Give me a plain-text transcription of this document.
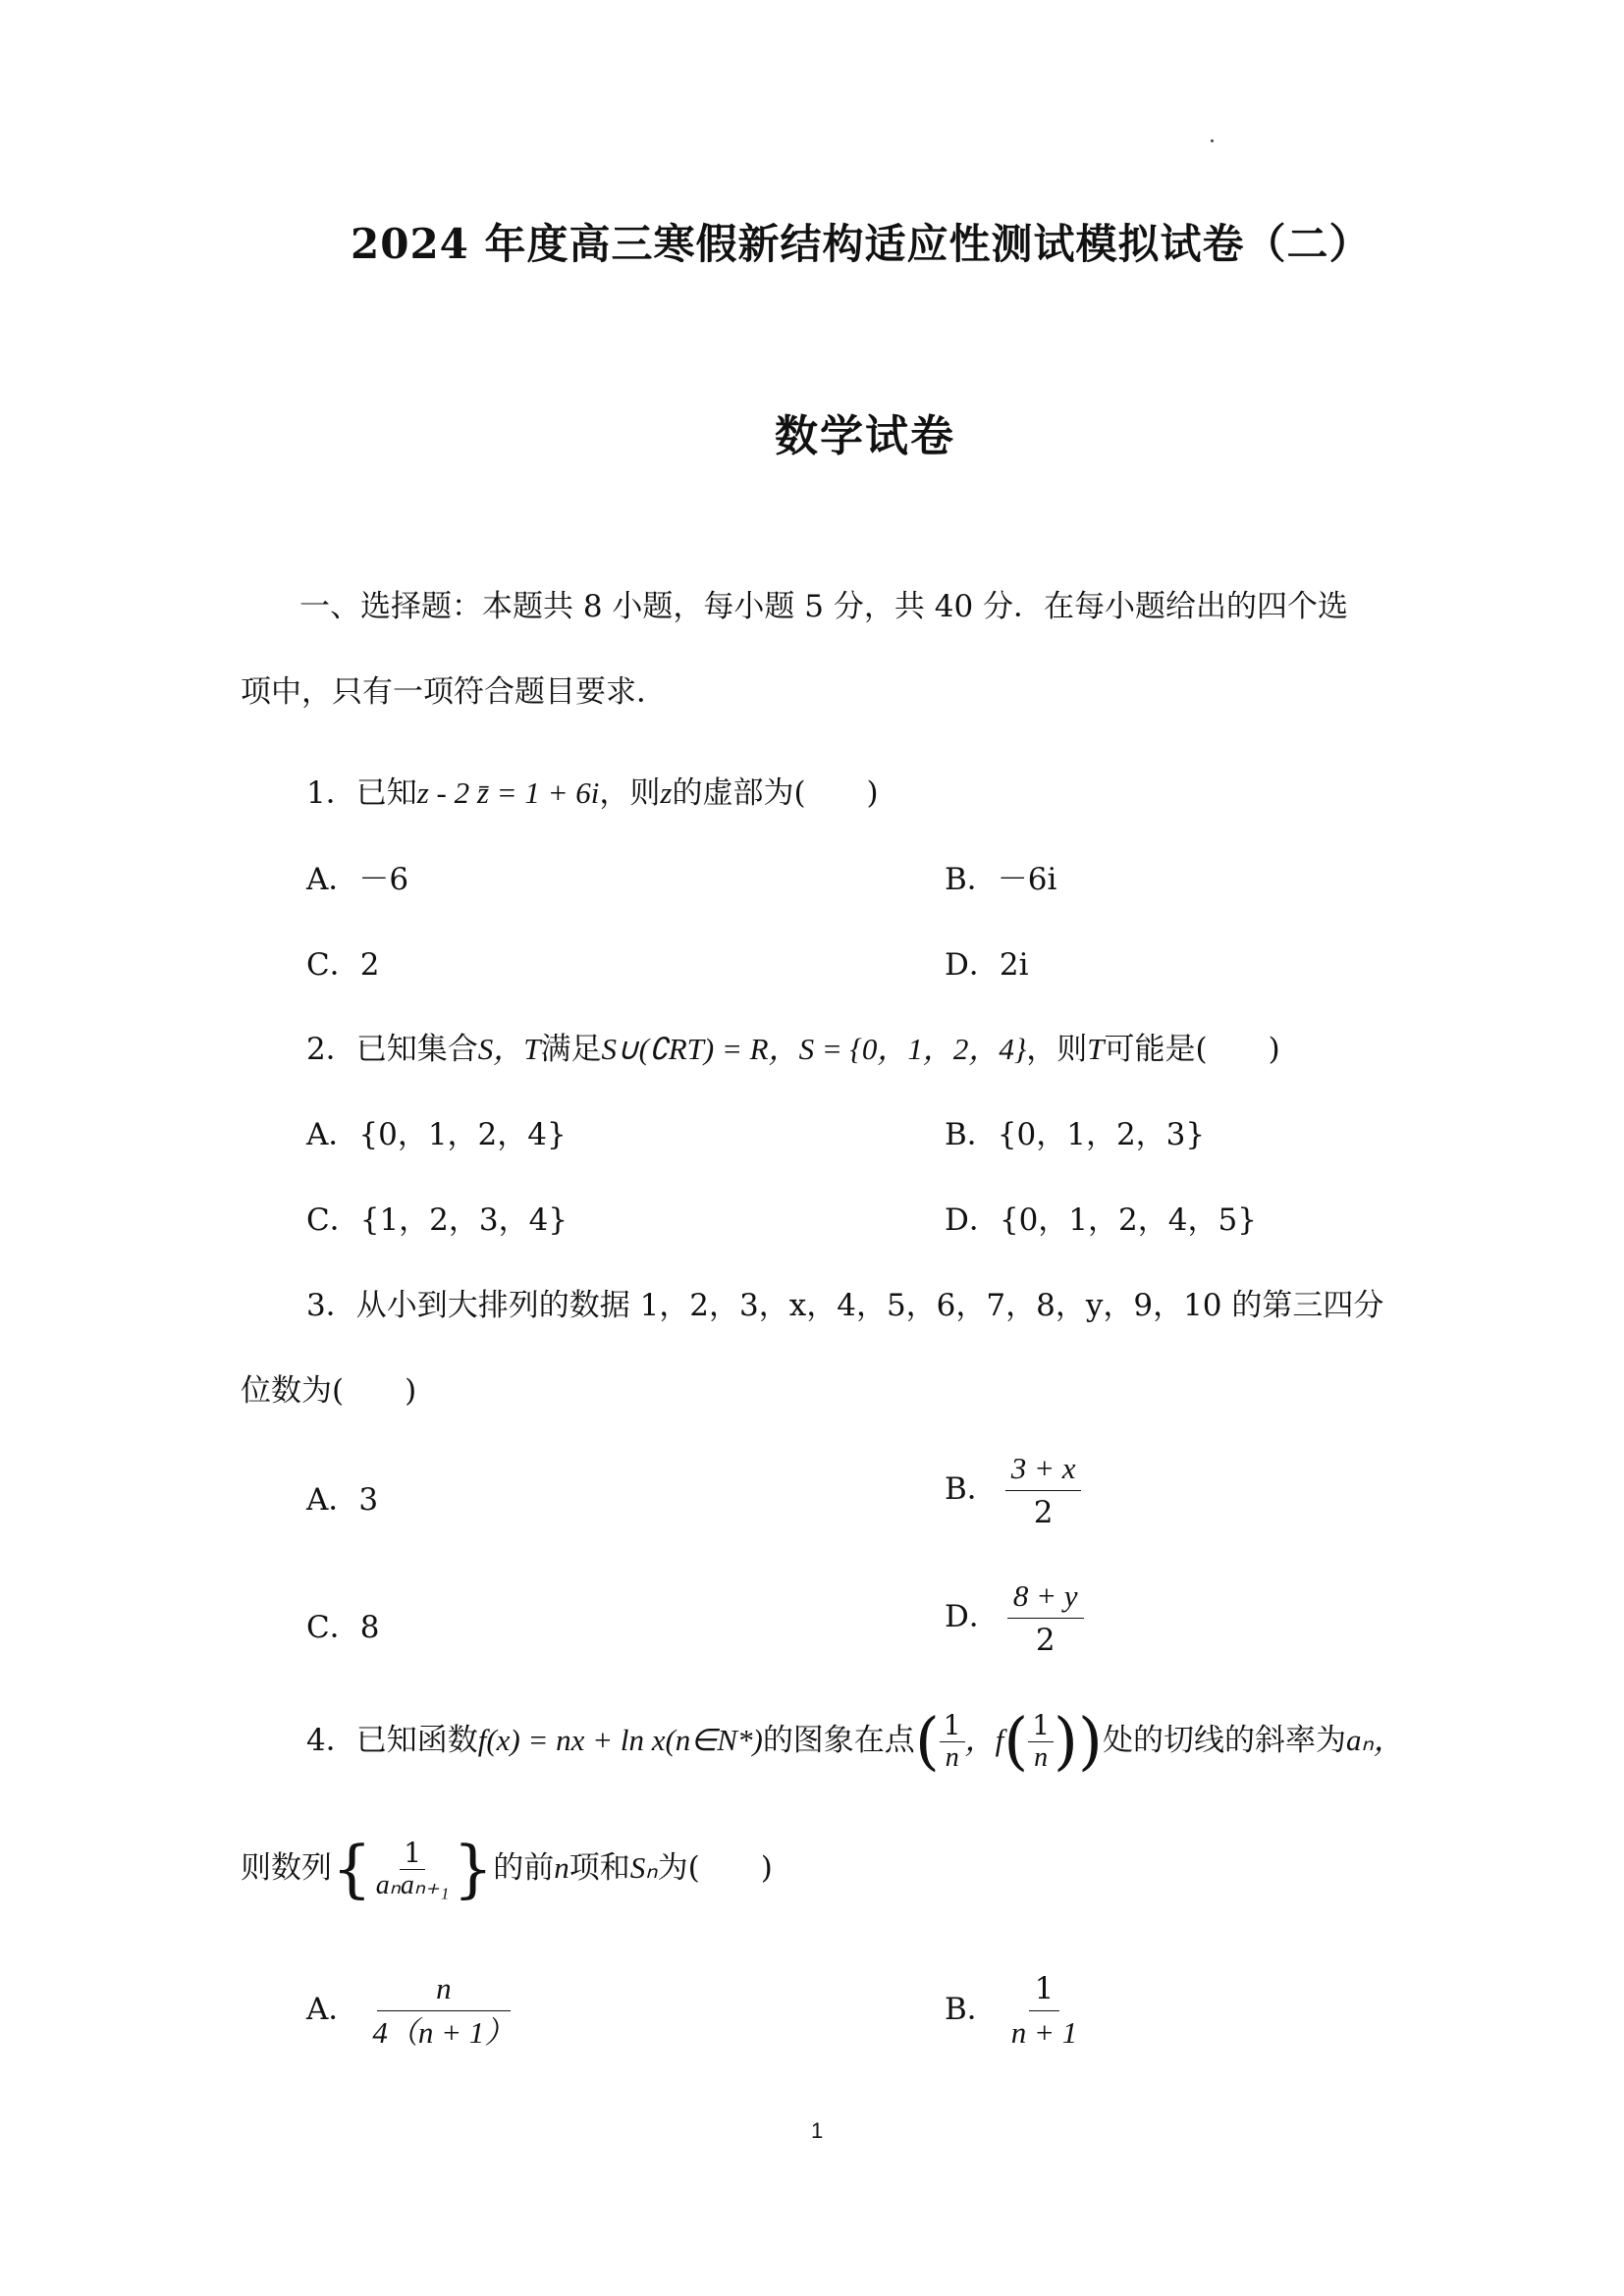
2024 年度高三寒假新结构适应性测试模拟试卷（二）
数学试卷
一、选择题：本题共 8 小题，每小题 5 分，共 40 分．在每小题给出的四个选
项中，只有一项符合题目要求．
1．已知z - 2 z̄ = 1 + 6i，则z的虚部为(　　)
A．－6	B．－6i
C．2	D．2i
2．已知集合S，T满足S∪(∁RT) = R，S = {0，1，2，4}，则T可能是(　　)
A．{0，1，2，4}	B．{0，1，2，3}
C．{1，2，3，4}	D．{0，1，2，4，5}
3．从小到大排列的数据 1，2，3，x，4，5，6，7，8，y，9，10 的第三四分
位数为(　　)
A．3	B． $\frac{3 + x}{2}$
C．8	D． $\frac{8 + y}{2}$
4．已知函数f(x) = nx + ln x(n∈N*)的图象在点( $\frac{1}{n}$ ，$f( \frac{1}{n}$ ))处的切线的斜率为aₙ，
则数列{ $\frac{1}{\text{aₙaₙ₊₁}}$ }的前n项和Sₙ为(　　)
A． $\frac{n}{4(n + 1)}$	B． $\frac{1}{n + 1}$
1
